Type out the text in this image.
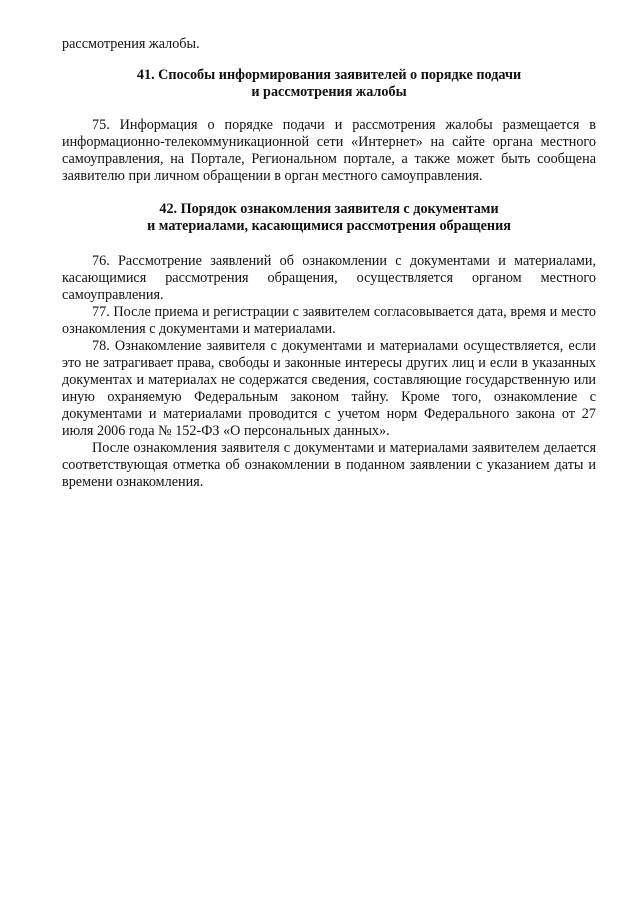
рассмотрения жалобы.

41. Способы информирования заявителей о порядке подачи

и рассмотрения жалобы

75. Информация о порядке подачи и рассмотрения жалобы размещается в информационно-телекоммуникационной сети «Интернет» на сайте органа местного самоуправления, на Портале, Региональном портале, а также может быть сообщена заявителю при личном обращении в орган местного самоуправления.

42. Порядок ознакомления заявителя с документами

и материалами, касающимися рассмотрения обращения

76. Рассмотрение заявлений об ознакомлении с документами и материалами, касающимися рассмотрения обращения, осуществляется органом местного самоуправления.

77. После приема и регистрации с заявителем согласовывается дата, время и место ознакомления с документами и материалами.

78. Ознакомление заявителя с документами и материалами осуществляется, если это не затрагивает права, свободы и законные интересы других лиц и если в указанных документах и материалах не содержатся сведения, составляющие государственную или иную охраняемую Федеральным законом тайну. Кроме того, ознакомление с документами и материалами проводится с учетом норм Федерального закона от 27 июля 2006 года № 152-ФЗ «О персональных данных».

После ознакомления заявителя с документами и материалами заявителем делается соответствующая отметка об ознакомлении в поданном заявлении с указанием даты и времени ознакомления.
